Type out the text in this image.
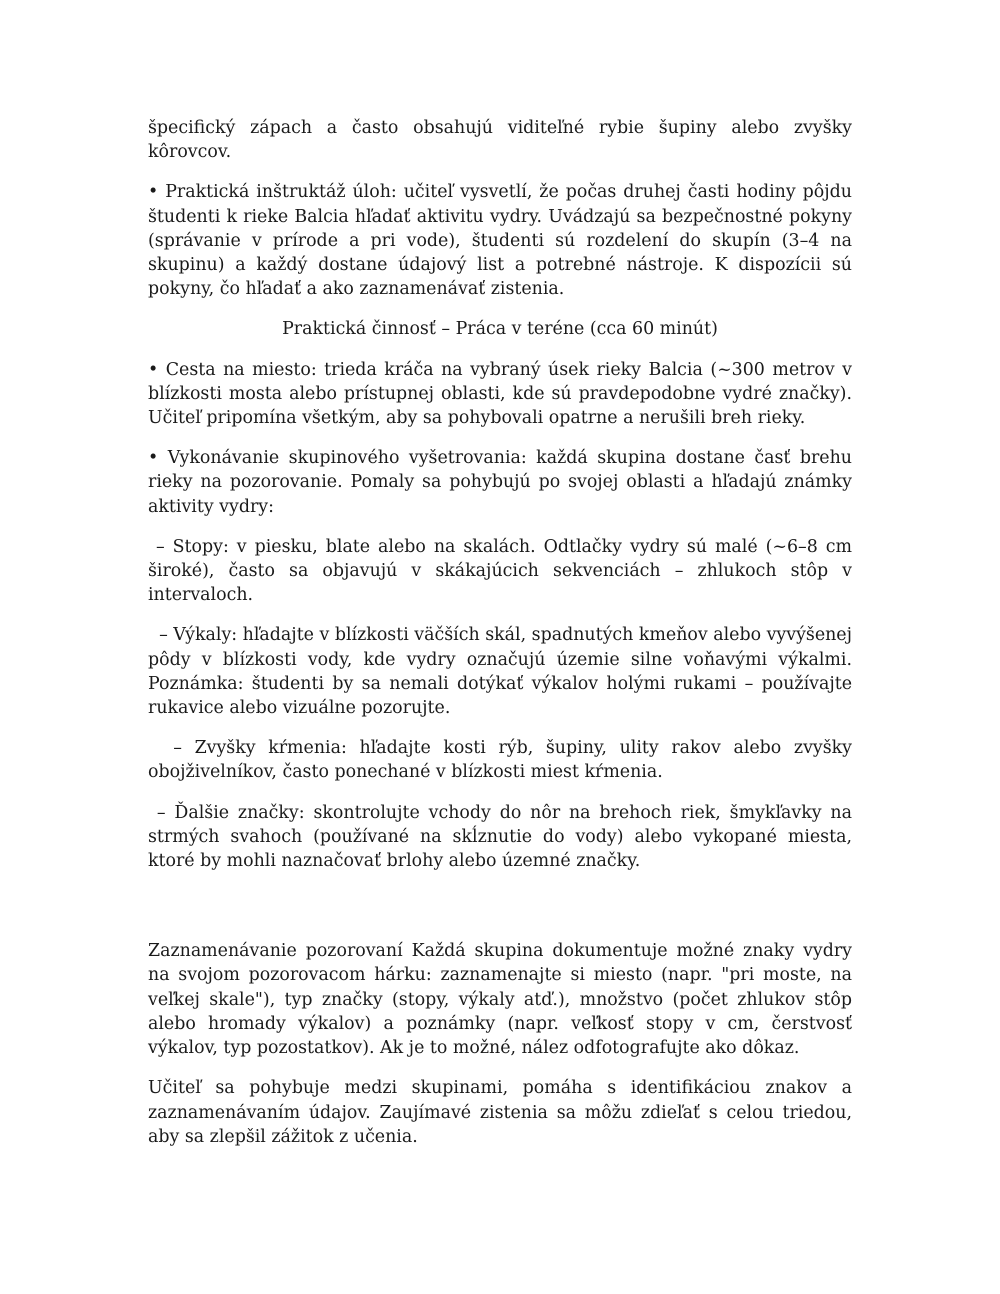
špecifický zápach a často obsahujú viditeľné rybie šupiny alebo zvyšky kôrovcov.

• Praktická inštruktáž úloh: učiteľ vysvetlí, že počas druhej časti hodiny pôjdu študenti k rieke Balcia hľadať aktivitu vydry. Uvádzajú sa bezpečnostné pokyny (správanie v prírode a pri vode), študenti sú rozdelení do skupín (3–4 na skupinu) a každý dostane údajový list a potrebné nástroje. K dispozícii sú pokyny, čo hľadať a ako zaznamenávať zistenia.

Praktická činnosť – Práca v teréne (cca 60 minút)

• Cesta na miesto: trieda kráča na vybraný úsek rieky Balcia (~300 metrov v blízkosti mosta alebo prístupnej oblasti, kde sú pravdepodobne vydré značky). Učiteľ pripomína všetkým, aby sa pohybovali opatrne a nerušili breh rieky.

• Vykonávanie skupinového vyšetrovania: každá skupina dostane časť brehu rieky na pozorovanie. Pomaly sa pohybujú po svojej oblasti a hľadajú známky aktivity vydry:

– Stopy: v piesku, blate alebo na skalách. Odtlačky vydry sú malé (~6–8 cm široké), často sa objavujú v skákajúcich sekvenciách – zhlukoch stôp v intervaloch.

– Výkaly: hľadajte v blízkosti väčších skál, spadnutých kmeňov alebo vyvýšenej pôdy v blízkosti vody, kde vydry označujú územie silne voňavými výkalmi. Poznámka: študenti by sa nemali dotýkať výkalov holými rukami – používajte rukavice alebo vizuálne pozorujte.

– Zvyšky kŕmenia: hľadajte kosti rýb, šupiny, ulity rakov alebo zvyšky obojživelníkov, často ponechané v blízkosti miest kŕmenia.

– Ďalšie značky: skontrolujte vchody do nôr na brehoch riek, šmykľavky na strmých svahoch (používané na skĺznutie do vody) alebo vykopané miesta, ktoré by mohli naznačovať brlohy alebo územné značky.

Zaznamenávanie pozorovaní Každá skupina dokumentuje možné znaky vydry na svojom pozorovacom hárku: zaznamenajte si miesto (napr. "pri moste, na veľkej skale"), typ značky (stopy, výkaly atď.), množstvo (počet zhlukov stôp alebo hromady výkalov) a poznámky (napr. veľkosť stopy v cm, čerstvosť výkalov, typ pozostatkov). Ak je to možné, nález odfotografujte ako dôkaz.

Učiteľ sa pohybuje medzi skupinami, pomáha s identifikáciou znakov a zaznamenávaním údajov. Zaujímavé zistenia sa môžu zdieľať s celou triedou, aby sa zlepšil zážitok z učenia.
